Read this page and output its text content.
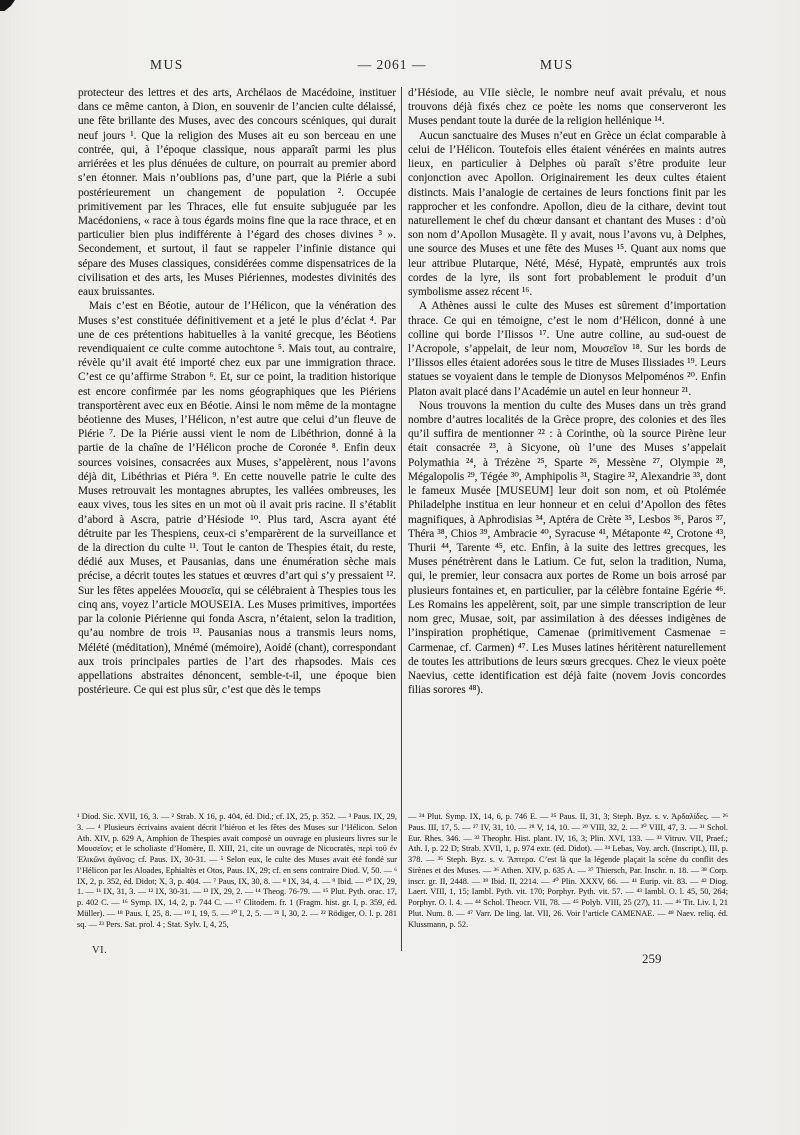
MUS	— 2061 —	MUS

protecteur des lettres et des arts, Archélaos de Macédoine, instituer dans ce même canton, à Dion, en souvenir de l’ancien culte délaissé, une fête brillante des Muses, avec des concours scéniques, qui durait neuf jours ¹. Que la religion des Muses ait eu son berceau en une contrée, qui, à l’époque classique, nous apparaît parmi les plus arriérées et les plus dénuées de culture, on pourrait au premier abord s’en étonner. Mais n’oublions pas, d’une part, que la Piérie a subi postérieurement un changement de population ². Occupée primitivement par les Thraces, elle fut ensuite subjuguée par les Macédoniens, « race à tous égards moins fine que la race thrace, et en particulier bien plus indifférente à l’égard des choses divines ³ ». Secondement, et surtout, il faut se rappeler l’infinie distance qui sépare des Muses classiques, considérées comme dispensatrices de la civilisation et des arts, les Muses Piériennes, modestes divinités des eaux bruissantes.

Mais c’est en Béotie, autour de l’Hélicon, que la vénération des Muses s’est constituée définitivement et a jeté le plus d’éclat ⁴. Par une de ces prétentions habituelles à la vanité grecque, les Béotiens revendiquaient ce culte comme autochtone ⁵. Mais tout, au contraire, révèle qu’il avait été importé chez eux par une immigration thrace. C’est ce qu’affirme Strabon ⁶. Et, sur ce point, la tradition historique est encore confirmée par les noms géographiques que les Piériens transportèrent avec eux en Béotie. Ainsi le nom même de la montagne béotienne des Muses, l’Hélicon, n’est autre que celui d’un fleuve de Piérie ⁷. De la Piérie aussi vient le nom de Libéthrion, donné à la partie de la chaîne de l’Hélicon proche de Coronée ⁸. Enfin deux sources voisines, consacrées aux Muses, s’appelèrent, nous l’avons déjà dit, Libéthrias et Piéra ⁹. En cette nouvelle patrie le culte des Muses retrouvait les montagnes abruptes, les vallées ombreuses, les eaux vives, tous les sites en un mot où il avait pris racine. Il s’établit d’abord à Ascra, patrie d’Hésiode ¹⁰. Plus tard, Ascra ayant été détruite par les Thespiens, ceux-ci s’emparèrent de la surveillance et de la direction du culte ¹¹. Tout le canton de Thespies était, du reste, dédié aux Muses, et Pausanias, dans une énumération sèche mais précise, a décrit toutes les statues et œuvres d’art qui s’y pressaient ¹². Sur les fêtes appelées Μουσεῖα, qui se célébraient à Thespies tous les cinq ans, voyez l’article MOUSEIA. Les Muses primitives, importées par la colonie Piérienne qui fonda Ascra, n’étaient, selon la tradition, qu’au nombre de trois ¹³. Pausanias nous a transmis leurs noms, Mélété (méditation), Mnémé (mémoire), Aoidé (chant), correspondant aux trois principales parties de l’art des rhapsodes. Mais ces appellations abstraites dénoncent, semble-t-il, une époque bien postérieure. Ce qui est plus sûr, c’est que dès le temps

d’Hésiode, au VIIe siècle, le nombre neuf avait prévalu, et nous trouvons déjà fixés chez ce poète les noms que conserveront les Muses pendant toute la durée de la religion hellénique ¹⁴.

Aucun sanctuaire des Muses n’eut en Grèce un éclat comparable à celui de l’Hélicon. Toutefois elles étaient vénérées en maints autres lieux, en particulier à Delphes où paraît s’être produite leur conjonction avec Apollon. Originairement les deux cultes étaient distincts. Mais l’analogie de certaines de leurs fonctions finit par les rapprocher et les confondre. Apollon, dieu de la cithare, devint tout naturellement le chef du chœur dansant et chantant des Muses : d’où son nom d’Apollon Musagète. Il y avait, nous l’avons vu, à Delphes, une source des Muses et une fête des Muses ¹⁵. Quant aux noms que leur attribue Plutarque, Nété, Mésé, Hypatè, empruntés aux trois cordes de la lyre, ils sont fort probablement le produit d’un symbolisme assez récent ¹⁶.

A Athènes aussi le culte des Muses est sûrement d’importation thrace. Ce qui en témoigne, c’est le nom d’Hélicon, donné à une colline qui borde l’Ilissos ¹⁷. Une autre colline, au sud-ouest de l’Acropole, s’appelait, de leur nom, Μουσεῖον ¹⁸. Sur les bords de l’Ilissos elles étaient adorées sous le titre de Muses Ilissiades ¹⁹. Leurs statues se voyaient dans le temple de Dionysos Melpoménos ²⁰. Enfin Platon avait placé dans l’Académie un autel en leur honneur ²¹.

Nous trouvons la mention du culte des Muses dans un très grand nombre d’autres localités de la Grèce propre, des colonies et des îles qu’il suffira de mentionner ²² : à Corinthe, où la source Pirène leur était consacrée ²³, à Sicyone, où l’une des Muses s’appelait Polymathia ²⁴, à Trézène ²⁵, Sparte ²⁶, Messène ²⁷, Olympie ²⁸, Mégalopolis ²⁹, Tégée ³⁰, Amphipolis ³¹, Stagire ³², Alexandrie ³³, dont le fameux Musée [MUSEUM] leur doit son nom, et où Ptolémée Philadelphe institua en leur honneur et en celui d’Apollon des fêtes magnifiques, à Aphrodisias ³⁴, Aptéra de Crète ³⁵, Lesbos ³⁶, Paros ³⁷, Théra ³⁸, Chios ³⁹, Ambracie ⁴⁰, Syracuse ⁴¹, Métaponte ⁴², Crotone ⁴³, Thurii ⁴⁴, Tarente ⁴⁵, etc. Enfin, à la suite des lettres grecques, les Muses pénétrèrent dans le Latium. Ce fut, selon la tradition, Numa, qui, le premier, leur consacra aux portes de Rome un bois arrosé par plusieurs fontaines et, en particulier, par la célèbre fontaine Egérie ⁴⁶. Les Romains les appelèrent, soit, par une simple transcription de leur nom grec, Musae, soit, par assimilation à des déesses indigènes de l’inspiration prophétique, Camenae (primitivement Casmenae = Carmenae, cf. Carmen) ⁴⁷. Les Muses latines héritèrent naturellement de toutes les attributions de leurs sœurs grecques. Chez le vieux poète Naevius, cette identification est déjà faite (novem Jovis concordes filias sorores ⁴⁸).

¹ Diod. Sic. XVII, 16, 3. — ² Strab. X 16, p. 404, éd. Did.; cf. IX, 25, p. 352. — ³ Paus. IX, 29, 3. — ⁴ Plusieurs écrivains avaient décrit l’hiéron et les fêtes des Muses sur l’Hélicon. Selon Ath. XIV, p. 629 A, Amphion de Thespies avait composé un ouvrage en plusieurs livres sur le Μουσεῖον; et le scholiaste d’Homère, Il. XIII, 21, cite un ouvrage de Nicocratès, περὶ τοῦ ἐν Ἑλικῶνι ἀγῶνος; cf. Paus. IX, 30-31. — ⁵ Selon eux, le culte des Muses avait été fondé sur l’Hélicon par les Aloades, Ephialtès et Otos, Paus. IX, 29; cf. en sens contraire Diod. V, 50. — ⁶ IX, 2, p. 352, éd. Didot; X, 3, p. 404. — ⁷ Paus, IX, 30, 8. — ⁸ IX, 34, 4. — ⁹ Ibid. — ¹⁰ IX, 29, 1. — ¹¹ IX, 31, 3. — ¹² IX, 30-31. — ¹³ IX, 29, 2. — ¹⁴ Theog. 76-79. — ¹⁵ Plut. Pyth. orac. 17, p. 402 C. — ¹⁶ Symp. IX, 14, 2, p. 744 C. — ¹⁷ Clitodem. fr. 1 (Fragm. hist. gr. I, p. 359, éd. Müller). — ¹⁸ Paus. I, 25, 8. — ¹⁹ I, 19, 5. — ²⁰ I, 2, 5. — ²¹ I, 30, 2. — ²² Rödiger, O. l. p. 281 sq. — ²³ Pers. Sat. prol. 4 ; Stat. Sylv. I, 4, 25,
— ²⁴ Plut. Symp. IX, 14, 6, p. 746 E. — ²⁵ Paus. II, 31, 3; Steph. Byz. s. v. Ἀρδαλίδες. — ²⁶ Paus. III, 17, 5. — ²⁷ IV, 31, 10. — ²⁸ V, 14, 10. — ²⁹ VIII, 32, 2. — ³⁰ VIII, 47, 3. — ³¹ Schol. Eur. Rhes. 346. — ³² Theophr. Hist. plant. IV, 16, 3; Plin. XVI, 133. — ³³ Vitruv. VII, Praef.; Ath. I, p. 22 D; Strab. XVII, 1, p. 974 extr. (éd. Didot). — ³⁴ Lebas, Voy. arch. (Inscript.), III, p. 378. — ³⁵ Steph. Byz. s. v. Ἄπτερα. C’est là que la légende plaçait la scène du conflit des Sirènes et des Muses. — ³⁶ Athen. XIV, p. 635 A. — ³⁷ Thiersch, Par. Inschr. n. 18. — ³⁸ Corp. inscr. gr. II, 2448. — ³⁹ Ibid. II, 2214. — ⁴⁰ Plin. XXXV, 66. — ⁴¹ Eurip. vit. 83. — ⁴² Diog. Laert. VIII, 1, 15; Iambl. Pyth. vit. 170; Porphyr. Pyth. vit. 57. — ⁴³ Iambl. O. l. 45, 50, 264; Porphyr. O. l. 4. — ⁴⁴ Schol. Theocr. VII, 78. — ⁴⁵ Polyb. VIII, 25 (27), 11. — ⁴⁶ Tit. Liv. I, 21 Plut. Num. 8. — ⁴⁷ Varr. De ling. lat. VII, 26. Voir l’article CAMENAE. — ⁴⁸ Naev. reliq. éd. Klussmann, p. 52.
VI.
259
